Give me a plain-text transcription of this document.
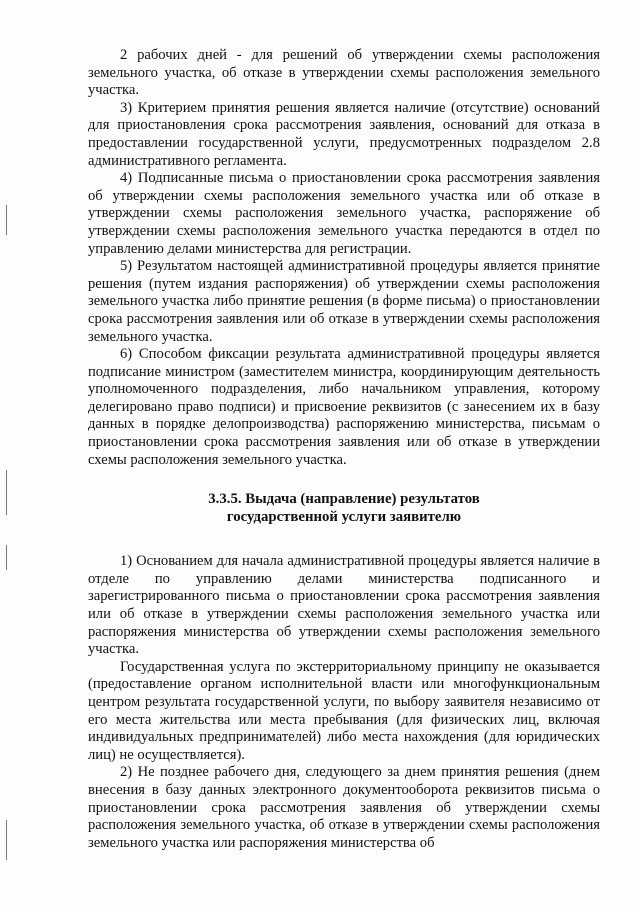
2 рабочих дней - для решений об утверждении схемы расположения земельного участка, об отказе в утверждении схемы расположения земельного участка.

3) Критерием принятия решения является наличие (отсутствие) оснований для приостановления срока рассмотрения заявления, оснований для отказа в предоставлении государственной услуги, предусмотренных подразделом 2.8 административного регламента.

4) Подписанные письма о приостановлении срока рассмотрения заявления об утверждении схемы расположения земельного участка или об отказе в утверждении схемы расположения земельного участка, распоряжение об утверждении схемы расположения земельного участка передаются в отдел по управлению делами министерства для регистрации.

5) Результатом настоящей административной процедуры является принятие решения (путем издания распоряжения) об утверждении схемы расположения земельного участка либо принятие решения (в форме письма) о приостановлении срока рассмотрения заявления или об отказе в утверждении схемы расположения земельного участка.

6) Способом фиксации результата административной процедуры является подписание министром (заместителем министра, координирующим деятельность уполномоченного подразделения, либо начальником управления, которому делегировано право подписи) и присвоение реквизитов (с занесением их в базу данных в порядке делопроизводства) распоряжению министерства, письмам о приостановлении срока рассмотрения заявления или об отказе в утверждении схемы расположения земельного участка.

3.3.5. Выдача (направление) результатов
государственной услуги заявителю

1) Основанием для начала административной процедуры является наличие в отделе по управлению делами министерства подписанного и зарегистрированного письма о приостановлении срока рассмотрения заявления или об отказе в утверждении схемы расположения земельного участка или распоряжения министерства об утверждении схемы расположения земельного участка.

Государственная услуга по экстерриториальному принципу не оказывается (предоставление органом исполнительной власти или многофункциональным центром результата государственной услуги, по выбору заявителя независимо от его места жительства или места пребывания (для физических лиц, включая индивидуальных предпринимателей) либо места нахождения (для юридических лиц) не осуществляется).

2) Не позднее рабочего дня, следующего за днем принятия решения (днем внесения в базу данных электронного документооборота реквизитов письма о приостановлении срока рассмотрения заявления об утверждении схемы расположения земельного участка, об отказе в утверждении схемы расположения земельного участка или распоряжения министерства об
